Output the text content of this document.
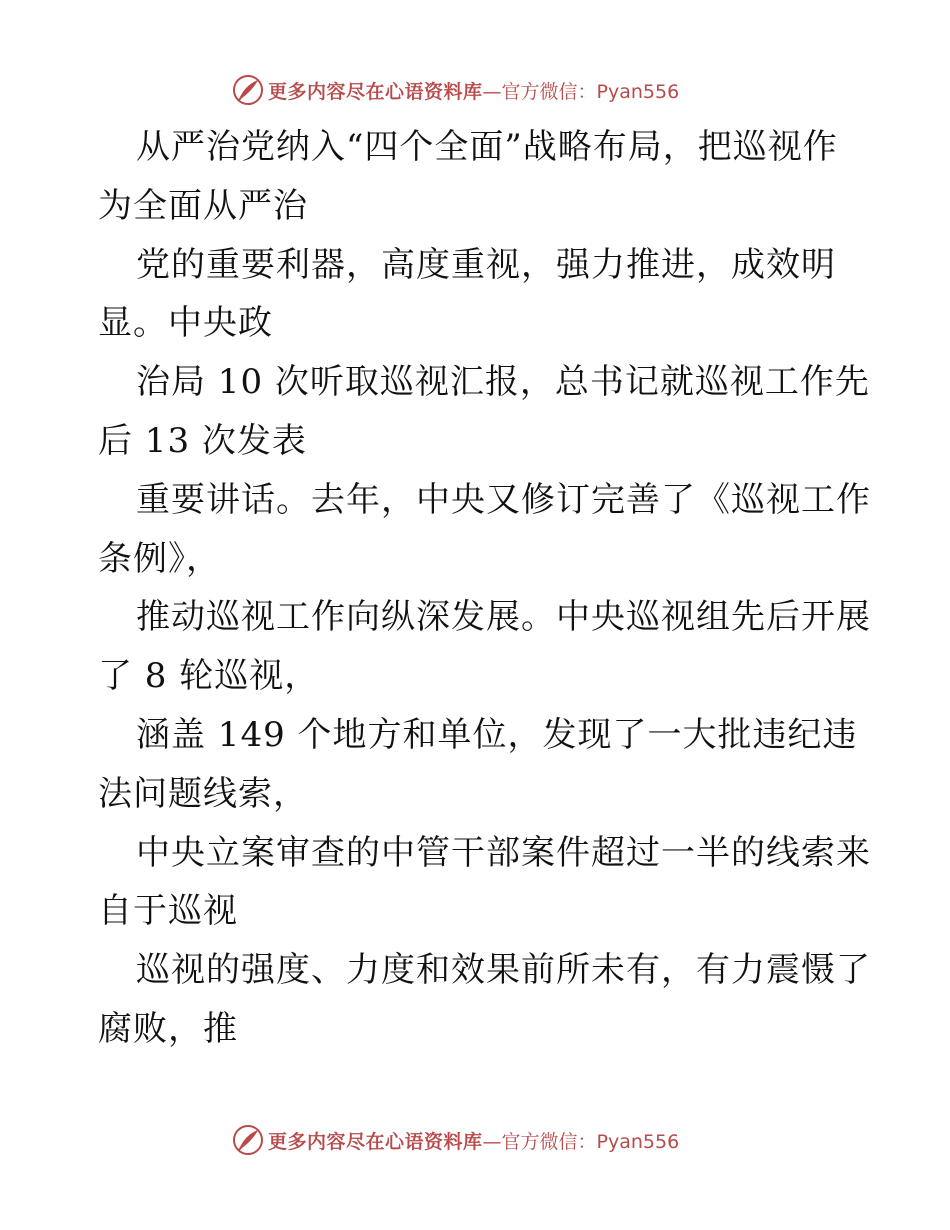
更多内容尽在心语资料库 —官方微信：Pyan556
从严治党纳入“四个全面”战略布局，把巡视作
为全面从严治
党的重要利器，高度重视，强力推进，成效明
显。中央政
治局 10 次听取巡视汇报，总书记就巡视工作先
后 13 次发表
重要讲话。去年，中央又修订完善了《巡视工作
条例》，
推动巡视工作向纵深发展。中央巡视组先后开展
了 8 轮巡视，
涵盖 149 个地方和单位，发现了一大批违纪违
法问题线索，
中央立案审查的中管干部案件超过一半的线索来
自于巡视
巡视的强度、力度和效果前所未有，有力震慑了
腐败，推
更多内容尽在心语资料库 —官方微信：Pyan556
